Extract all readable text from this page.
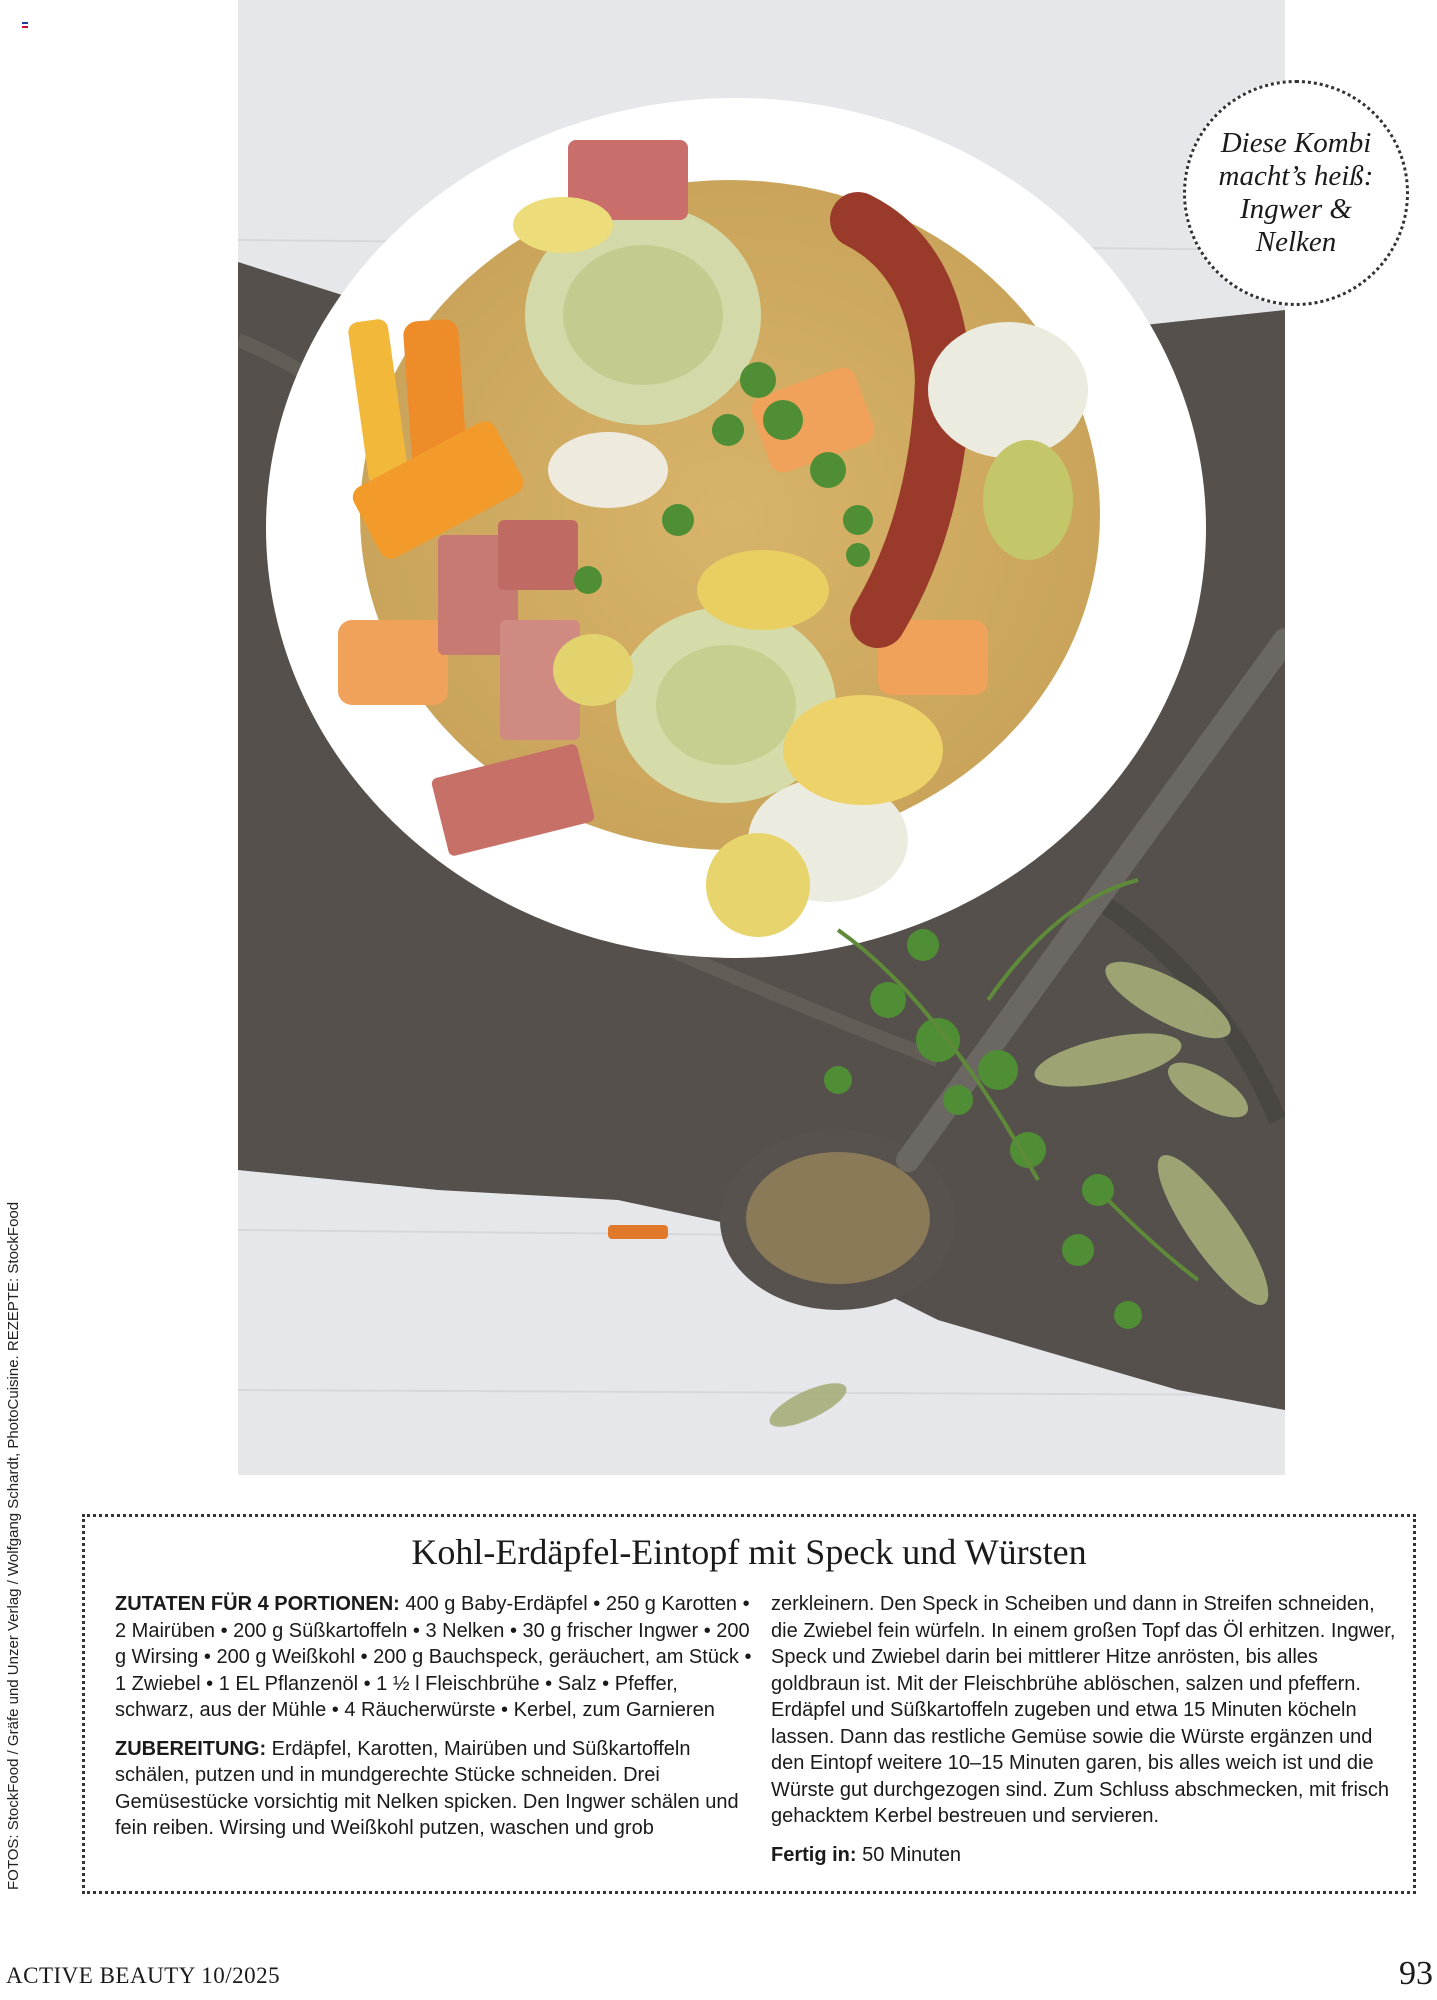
FOTOS: StockFood / Gräfe und Unzer Verlag / Wolfgang Schardt, PhotoCuisine. REZEPTE: StockFood
Diese Kombi macht’s heiß: Ingwer & Nelken
Kohl-Erdäpfel-Eintopf mit Speck und Würsten

ZUTATEN FÜR 4 PORTIONEN: 400 g Baby-Erdäpfel • 250 g Karotten • 2 Mairüben • 200 g Süßkartoffeln • 3 Nelken • 30 g frischer Ingwer • 200 g Wirsing • 200 g Weißkohl • 200 g Bauchspeck, geräuchert, am Stück • 1 Zwiebel • 1 EL Pflanzenöl • 1 ½ l Fleischbrühe • Salz • Pfeffer, schwarz, aus der Mühle • 4 Räucherwürste • Kerbel, zum Garnieren

ZUBEREITUNG: Erdäpfel, Karotten, Mairüben und Süßkartoffeln schälen, putzen und in mundgerechte Stücke schneiden. Drei Gemüsestücke vorsichtig mit Nelken spicken. Den Ingwer schälen und fein reiben. Wirsing und Weißkohl putzen, waschen und grob

zerkleinern. Den Speck in Scheiben und dann in Streifen schneiden, die Zwiebel fein würfeln. In einem großen Topf das Öl erhitzen. Ingwer, Speck und Zwiebel darin bei mittlerer Hitze anrösten, bis alles goldbraun ist. Mit der Fleischbrühe ablöschen, salzen und pfeffern. Erdäpfel und Süßkartoffeln zugeben und etwa 15 Minuten köcheln lassen. Dann das restliche Gemüse sowie die Würste ergänzen und den Eintopf weitere 10–15 Minuten garen, bis alles weich ist und die Würste gut durchgezogen sind. Zum Schluss abschmecken, mit frisch gehacktem Kerbel bestreuen und servieren.

Fertig in: 50 Minuten

ACTIVE BEAUTY 10/2025	93
